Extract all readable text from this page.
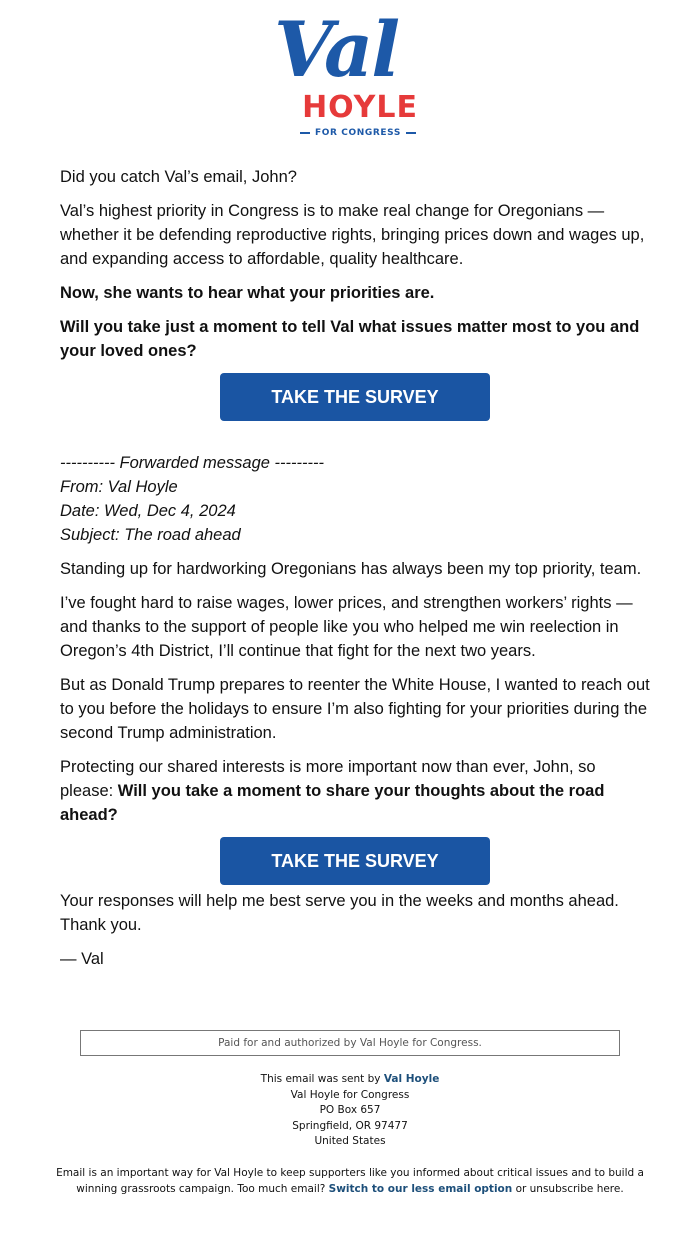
Val
HOYLE
FOR CONGRESS

Did you catch Val’s email, John?

Val’s highest priority in Congress is to make real change for Oregonians — whether it be defending reproductive rights, bringing prices down and wages up, and expanding access to affordable, quality healthcare.

Now, she wants to hear what your priorities are.

Will you take just a moment to tell Val what issues matter most to you and your loved ones?

TAKE THE SURVEY
---------- Forwarded message ---------
From: Val Hoyle
Date: Wed, Dec 4, 2024
Subject: The road ahead

Standing up for hardworking Oregonians has always been my top priority, team.

I’ve fought hard to raise wages, lower prices, and strengthen workers’ rights — and thanks to the support of people like you who helped me win reelection in Oregon’s 4th District, I’ll continue that fight for the next two years.

But as Donald Trump prepares to reenter the White House, I wanted to reach out to you before the holidays to ensure I’m also fighting for your priorities during the second Trump administration.

Protecting our shared interests is more important now than ever, John, so please: Will you take a moment to share your thoughts about the road ahead?

TAKE THE SURVEY

Your responses will help me best serve you in the weeks and months ahead. Thank you.

— Val

Paid for and authorized by Val Hoyle for Congress.
This email was sent by Val Hoyle
Val Hoyle for Congress
PO Box 657
Springfield, OR 97477
United States
Email is an important way for Val Hoyle to keep supporters like you informed about critical issues and to build a winning grassroots campaign. Too much email? Switch to our less email option or unsubscribe here.
